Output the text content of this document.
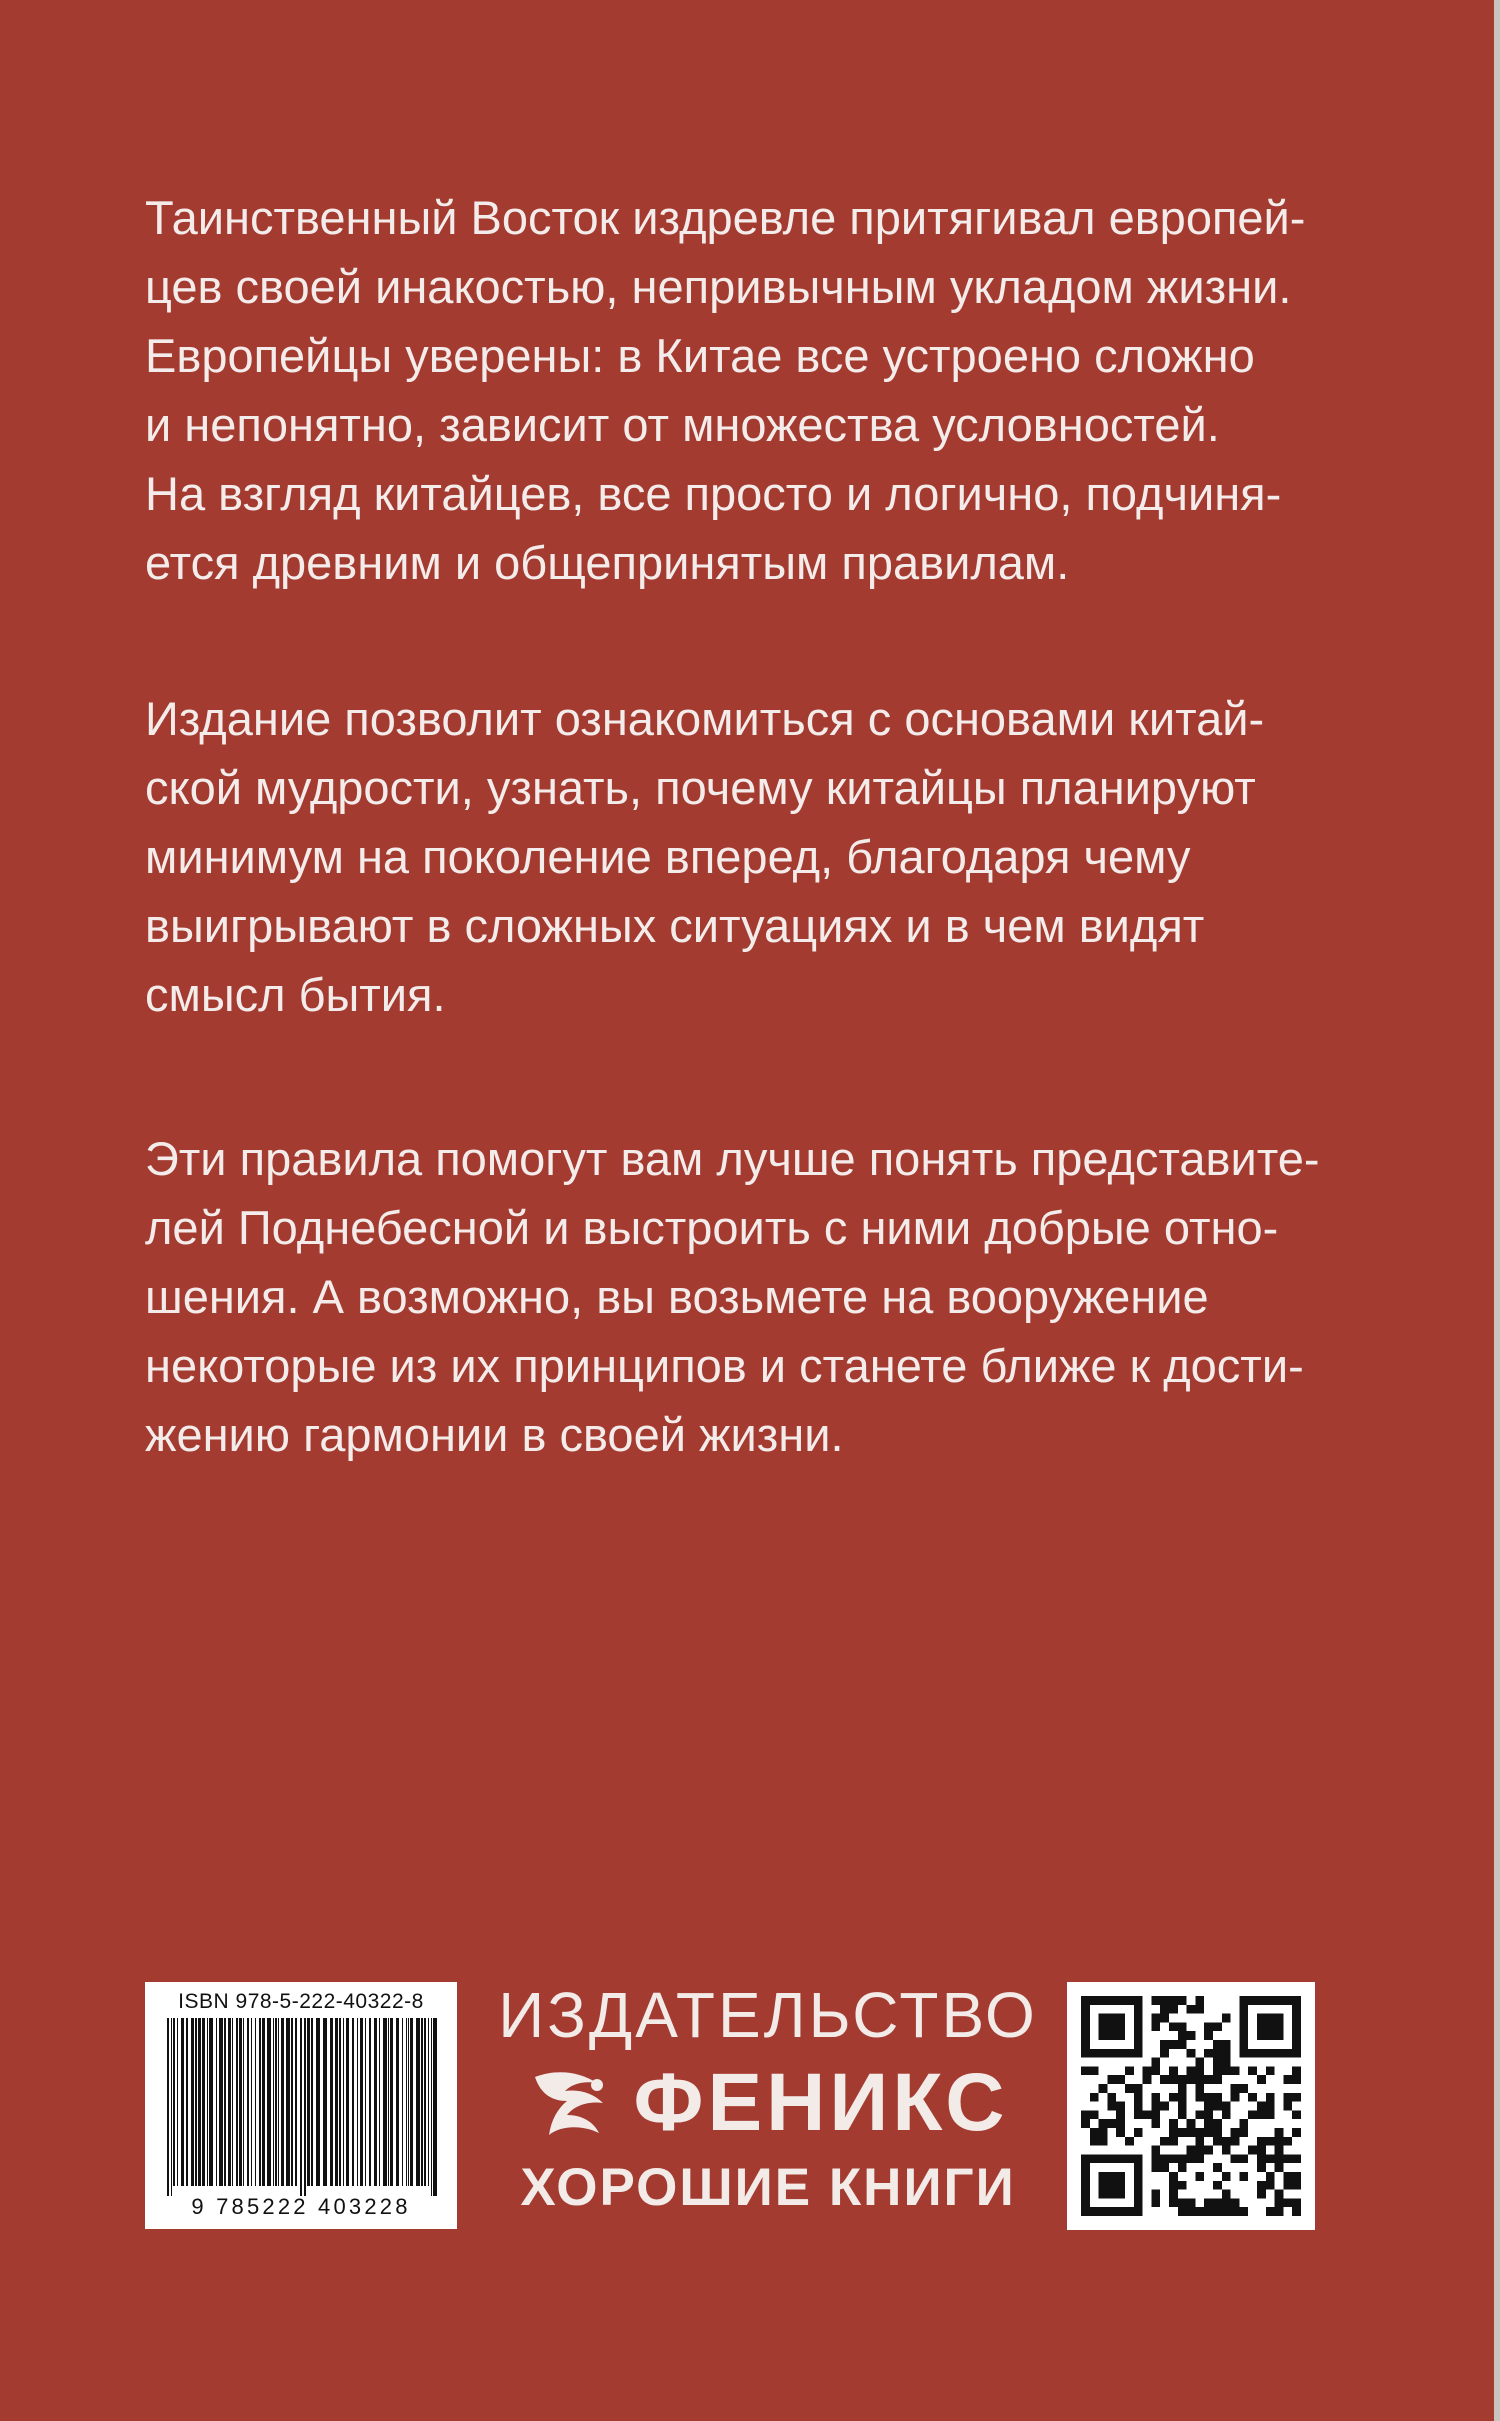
Таинственный Восток издревле притягивал европей-
цев своей инакостью, непривычным укладом жизни.
Европейцы уверены: в Китае все устроено сложно
и непонятно, зависит от множества условностей.
На взгляд китайцев, все просто и логично, подчиня-
ется древним и общепринятым правилам.
Издание позволит ознакомиться с основами китай-
ской мудрости, узнать, почему китайцы планируют
минимум на поколение вперед, благодаря чему
выигрывают в сложных ситуациях и в чем видят
смысл бытия.
Эти правила помогут вам лучше понять представите-
лей Поднебесной и выстроить с ними добрые отно-
шения. А возможно, вы возьмете на вооружение
некоторые из их принципов и станете ближе к дости-
жению гармонии в своей жизни.
ISBN 978-5-222-40322-8
9 785222 403228
ИЗДАТЕЛЬСТВО
ФЕНИКС
ХОРОШИЕ КНИГИ
